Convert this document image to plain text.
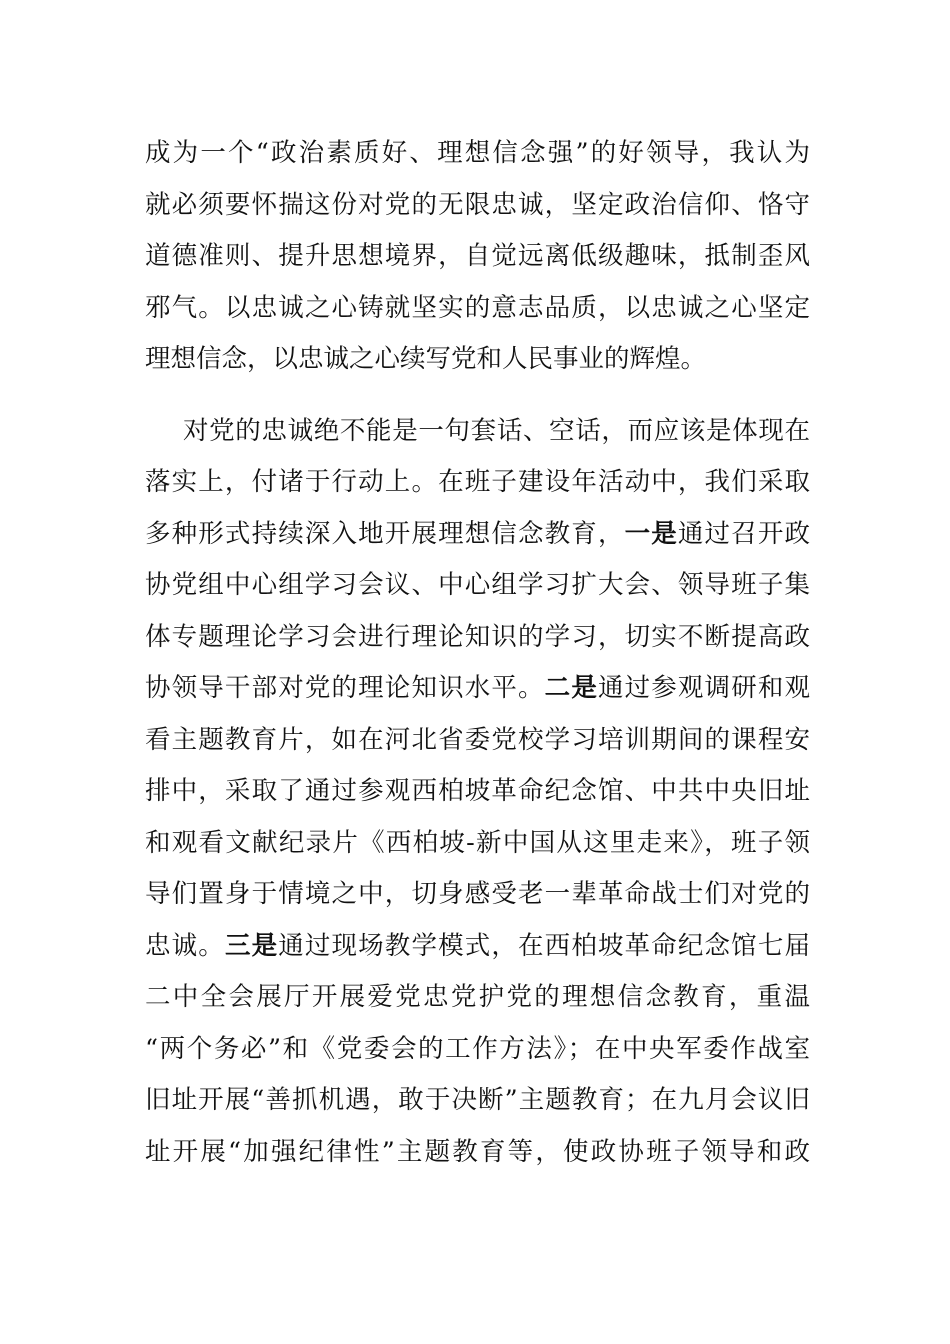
成为一个“政治素质好、理想信念强”的好领导，我认为
就必须要怀揣这份对党的无限忠诚，坚定政治信仰、恪守
道德准则、提升思想境界，自觉远离低级趣味，抵制歪风
邪气。以忠诚之心铸就坚实的意志品质，以忠诚之心坚定
理想信念，以忠诚之心续写党和人民事业的辉煌。
对党的忠诚绝不能是一句套话、空话，而应该是体现在
落实上，付诸于行动上。在班子建设年活动中，我们采取
多种形式持续深入地开展理想信念教育，一是通过召开政
协党组中心组学习会议、中心组学习扩大会、领导班子集
体专题理论学习会进行理论知识的学习，切实不断提高政
协领导干部对党的理论知识水平。二是通过参观调研和观
看主题教育片，如在河北省委党校学习培训期间的课程安
排中，采取了通过参观西柏坡革命纪念馆、中共中央旧址
和观看文献纪录片《西柏坡-新中国从这里走来》，班子领
导们置身于情境之中，切身感受老一辈革命战士们对党的
忠诚。三是通过现场教学模式，在西柏坡革命纪念馆七届
二中全会展厅开展爱党忠党护党的理想信念教育，重温
“两个务必”和《党委会的工作方法》；在中央军委作战室
旧址开展“善抓机遇，敢于决断”主题教育；在九月会议旧
址开展“加强纪律性”主题教育等，使政协班子领导和政
